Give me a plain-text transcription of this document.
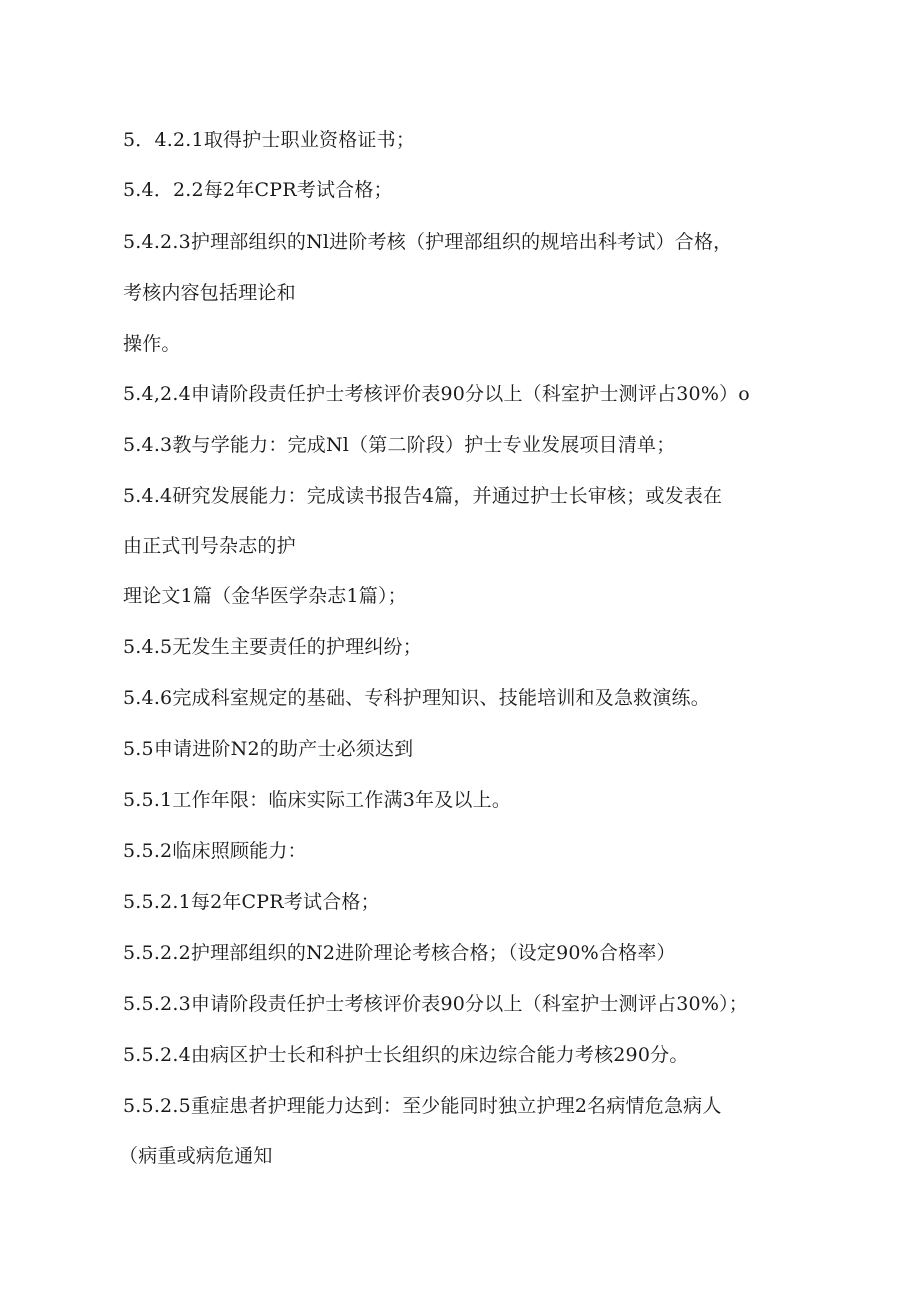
5．4.2.1取得护士职业资格证书；
5.4．2.2每2年CPR考试合格；
5.4.2.3护理部组织的Nl进阶考核（护理部组织的规培出科考试）合格，
考核内容包括理论和
操作。
5.4,2.4申请阶段责任护士考核评价表90分以上（科室护士测评占30%）o
5.4.3教与学能力：完成Nl（第二阶段）护士专业发展项目清单；
5.4.4研究发展能力：完成读书报告4篇，并通过护士长审核；或发表在
由正式刊号杂志的护
理论文1篇（金华医学杂志1篇）；
5.4.5无发生主要责任的护理纠纷；
5.4.6完成科室规定的基础、专科护理知识、技能培训和及急救演练。
5.5申请进阶N2的助产士必须达到
5.5.1工作年限：临床实际工作满3年及以上。
5.5.2临床照顾能力：
5.5.2.1每2年CPR考试合格；
5.5.2.2护理部组织的N2进阶理论考核合格；（设定90%合格率）
5.5.2.3申请阶段责任护士考核评价表90分以上（科室护士测评占30%）；
5.5.2.4由病区护士长和科护士长组织的床边综合能力考核290分。
5.5.2.5重症患者护理能力达到：至少能同时独立护理2名病情危急病人
（病重或病危通知
